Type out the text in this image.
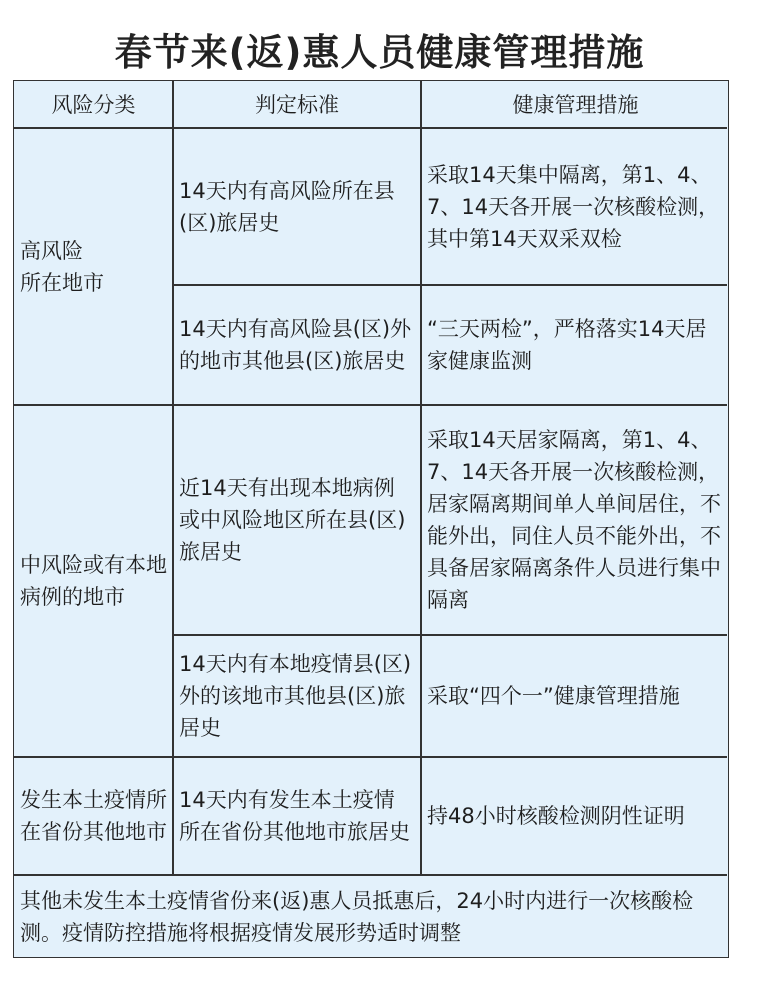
春节来(返)惠人员健康管理措施
风险分类	判定标准	健康管理措施
高风险
所在地市
14天内有高风险所在县(区)旅居史
采取14天集中隔离，第1、4、7、14天各开展一次核酸检测，其中第14天双采双检
14天内有高风险县(区)外的地市其他县(区)旅居史
“三天两检”，严格落实14天居家健康监测
中风险或有本地病例的地市
近14天有出现本地病例或中风险地区所在县(区)旅居史
采取14天居家隔离，第1、4、7、14天各开展一次核酸检测，居家隔离期间单人单间居住，不能外出，同住人员不能外出，不具备居家隔离条件人员进行集中隔离
14天内有本地疫情县(区)外的该地市其他县(区)旅居史
采取“四个一”健康管理措施
发生本土疫情所在省份其他地市
14天内有发生本土疫情所在省份其他地市旅居史
持48小时核酸检测阴性证明
其他未发生本土疫情省份来(返)惠人员抵惠后，24小时内进行一次核酸检测。疫情防控措施将根据疫情发展形势适时调整
